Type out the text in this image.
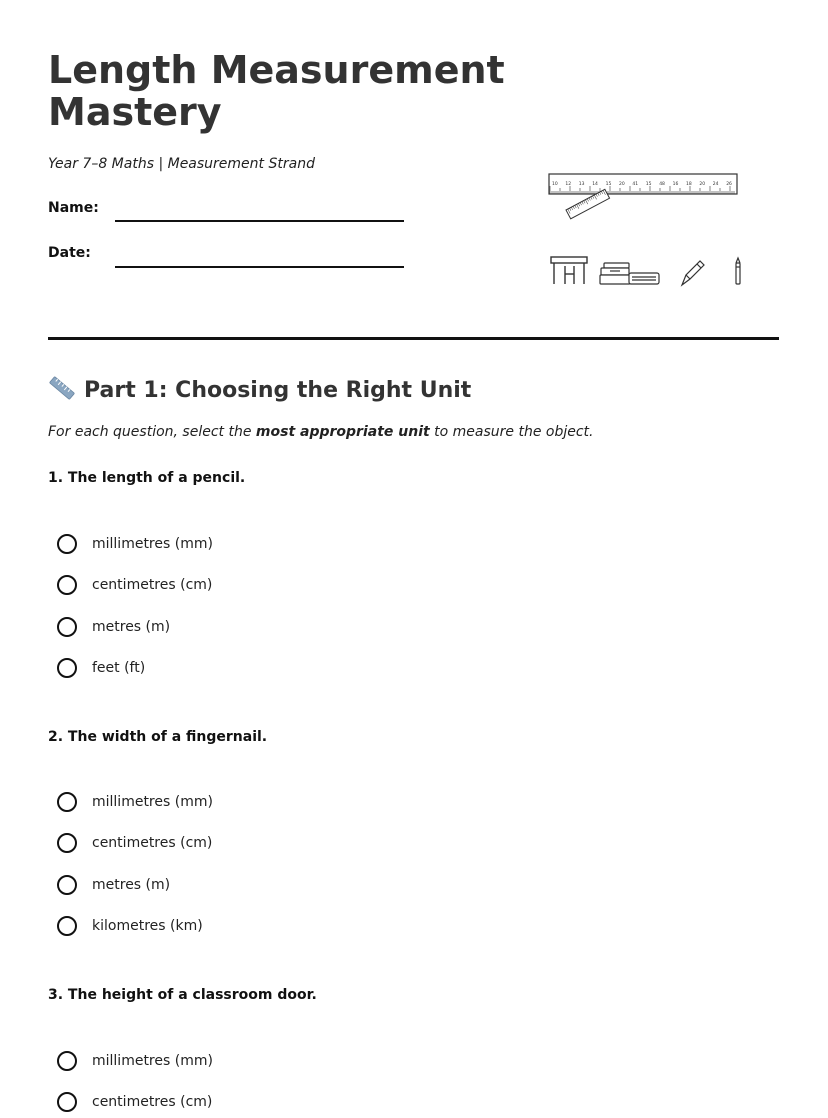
Length Measurement Mastery

Year 7–8 Maths | Measurement Strand

Name:
Date:
10 12 13 14 15 20 41 15 48 16 18 20 24 26
Part 1: Choosing the Right Unit

For each question, select the most appropriate unit to measure the object.

1. The length of a pencil.

millimetres (mm)
centimetres (cm)
metres (m)
feet (ft)

2. The width of a fingernail.

millimetres (mm)
centimetres (cm)
metres (m)
kilometres (km)

3. The height of a classroom door.

millimetres (mm)
centimetres (cm)
